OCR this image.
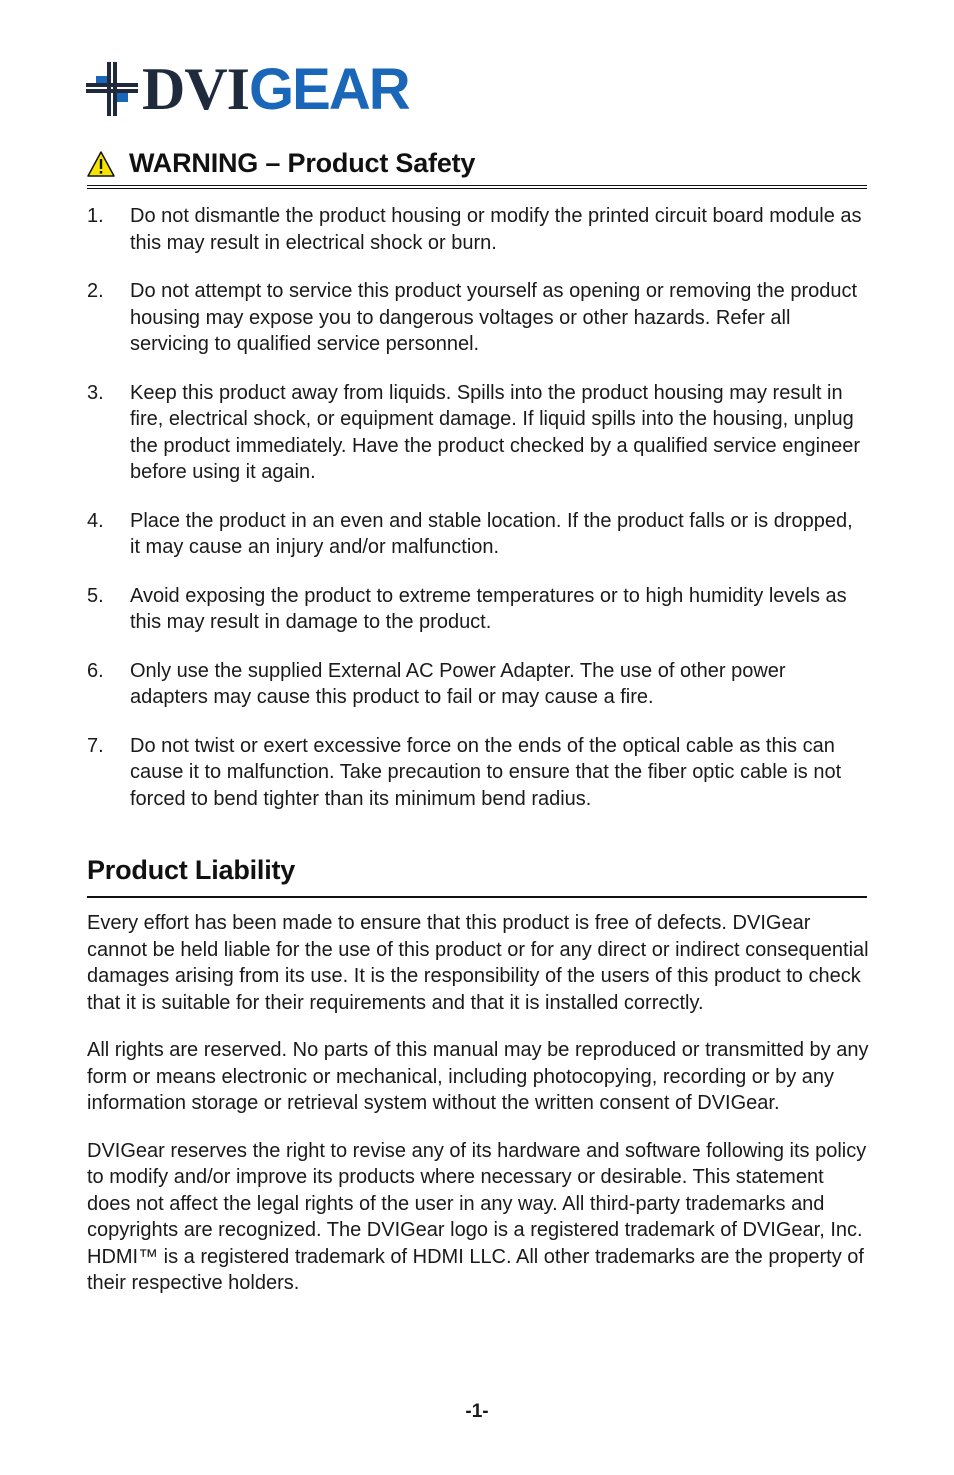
DVI GEAR
WARNING – Product Safety
1.	Do not dismantle the product housing or modify the printed circuit board module as this may result in electrical shock or burn.
2.	Do not attempt to service this product yourself as opening or removing the product housing may expose you to dangerous voltages or other hazards. Refer all servicing to qualified service personnel.
3.	Keep this product away from liquids. Spills into the product housing may result in fire, electrical shock, or equipment damage. If liquid spills into the housing, unplug the product immediately. Have the product checked by a qualified service engineer before using it again.
4.	Place the product in an even and stable location. If the product falls or is dropped, it may cause an injury and/or malfunction.
5.	Avoid exposing the product to extreme temperatures or to high humidity levels as this may result in damage to the product.
6.	Only use the supplied External AC Power Adapter. The use of other power adapters may cause this product to fail or may cause a fire.
7.	Do not twist or exert excessive force on the ends of the optical cable as this can cause it to malfunction. Take precaution to ensure that the fiber optic cable is not forced to bend tighter than its minimum bend radius.
Product Liability

Every effort has been made to ensure that this product is free of defects. DVIGear cannot be held liable for the use of this product or for any direct or indirect consequential damages arising from its use. It is the responsibility of the users of this product to check that it is suitable for their requirements and that it is installed correctly.

All rights are reserved. No parts of this manual may be reproduced or transmitted by any form or means electronic or mechanical, including photocopying, recording or by any information storage or retrieval system without the written consent of DVIGear.

DVIGear reserves the right to revise any of its hardware and software following its policy to modify and/or improve its products where necessary or desirable. This statement does not affect the legal rights of the user in any way. All third-party trademarks and copyrights are recognized. The DVIGear logo is a registered trademark of DVIGear, Inc. HDMI™ is a registered trademark of HDMI LLC. All other trademarks are the property of their respective holders.

-1-
